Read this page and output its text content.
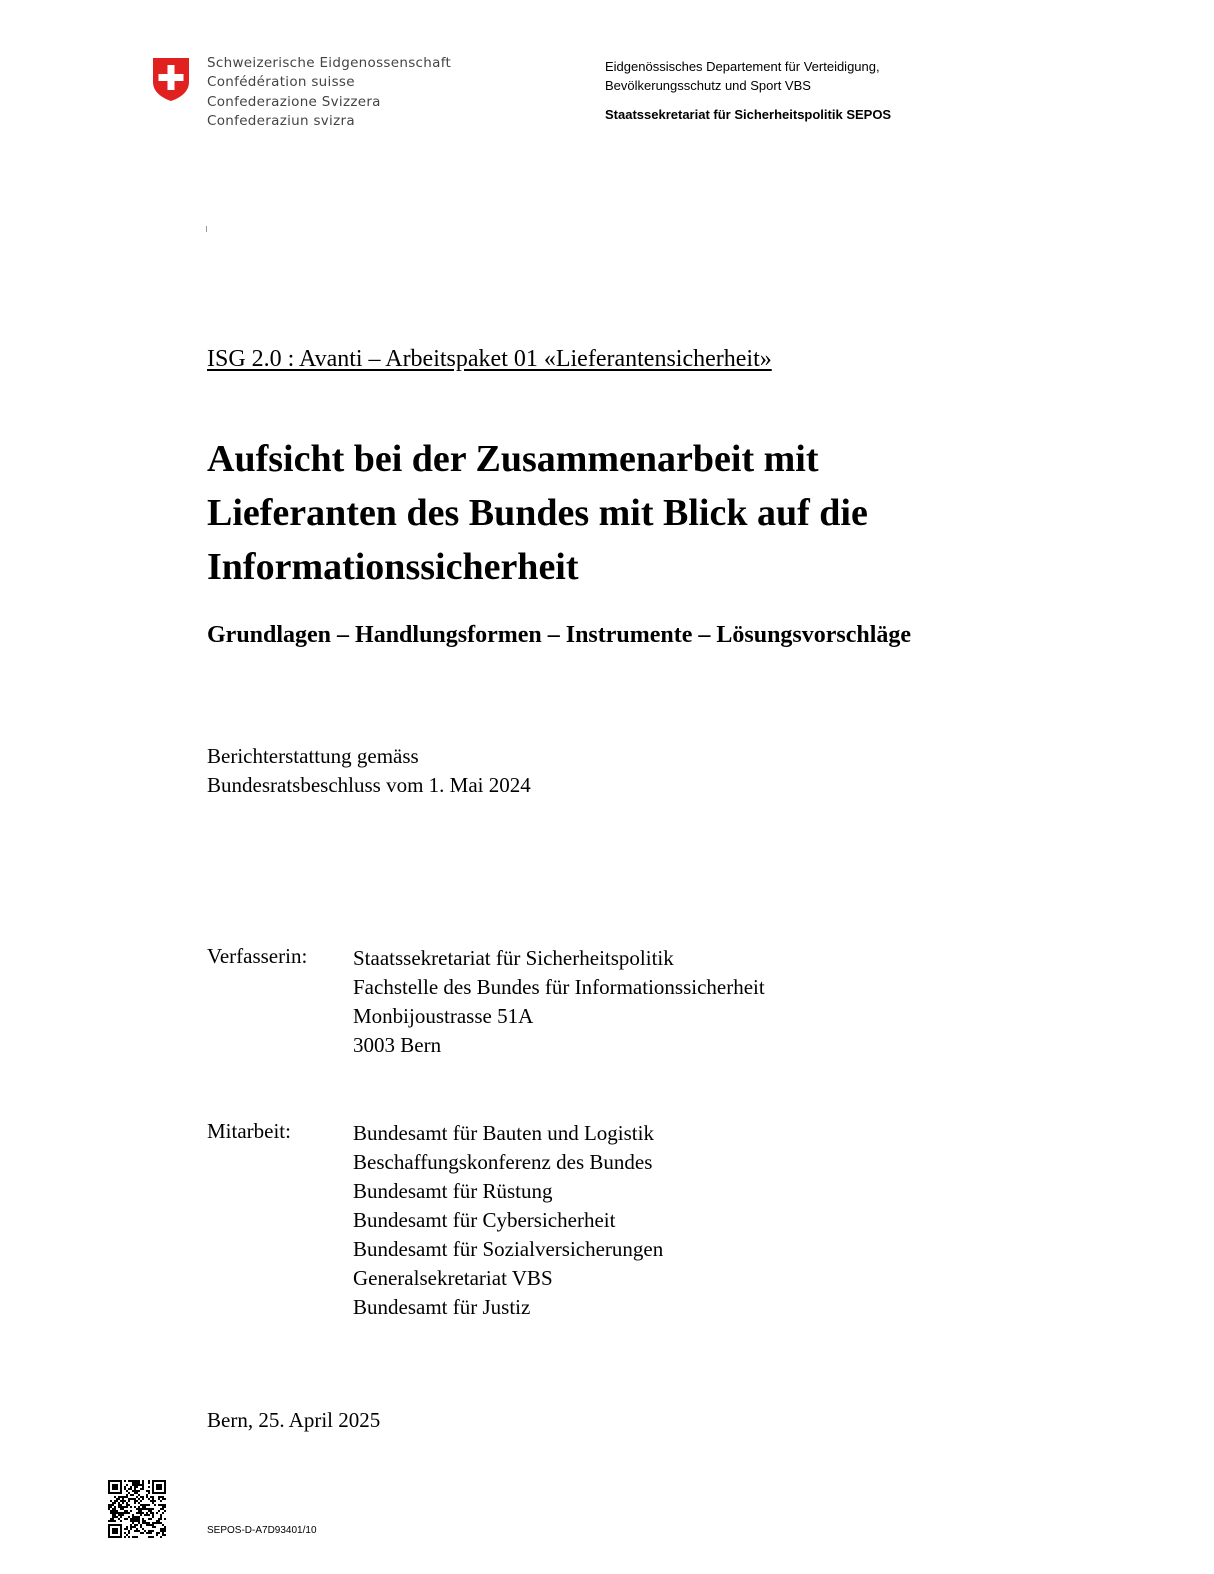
Schweizerische Eidgenossenschaft
Confédération suisse
Confederazione Svizzera
Confederaziun svizra
Eidgenössisches Departement für Verteidigung,
Bevölkerungsschutz und Sport VBS
Staatssekretariat für Sicherheitspolitik SEPOS
ISG 2.0 : Avanti – Arbeitspaket 01 «Lieferantensicherheit»
Aufsicht bei der Zusammenarbeit mit
Lieferanten des Bundes mit Blick auf die
Informationssicherheit
Grundlagen – Handlungsformen – Instrumente – Lösungsvorschläge
Berichterstattung gemäss
Bundesratsbeschluss vom 1. Mai 2024
Verfasserin: Staatssekretariat für Sicherheitspolitik
Fachstelle des Bundes für Informationssicherheit
Monbijoustrasse 51A
3003 Bern
Mitarbeit:	Bundesamt für Bauten und Logistik
Beschaffungskonferenz des Bundes
Bundesamt für Rüstung
Bundesamt für Cybersicherheit
Bundesamt für Sozialversicherungen
Generalsekretariat VBS
Bundesamt für Justiz
Bern, 25. April 2025
SEPOS-D-A7D93401/10
